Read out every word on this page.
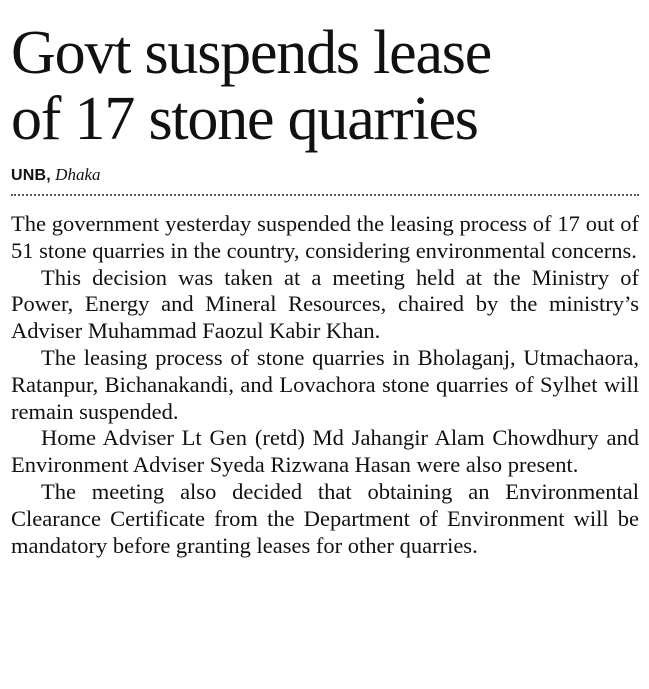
Govt suspends lease
of 17 stone quarries
UNB, Dhaka

The government yesterday suspended the leasing process of 17 out of 51 stone quarries in the country, considering environmental concerns.

This decision was taken at a meeting held at the Ministry of Power, Energy and Mineral Resources, chaired by the ministry’s Adviser Muhammad Faozul Kabir Khan.

The leasing process of stone quarries in Bholaganj, Utmachaora, Ratanpur, Bichanakandi, and Lovachora stone quarries of Sylhet will remain suspended.

Home Adviser Lt Gen (retd) Md Jahangir Alam Chowdhury and Environment Adviser Syeda Rizwana Hasan were also present.

The meeting also decided that obtaining an Environmental Clearance Certificate from the Department of Environment will be mandatory before granting leases for other quarries.
